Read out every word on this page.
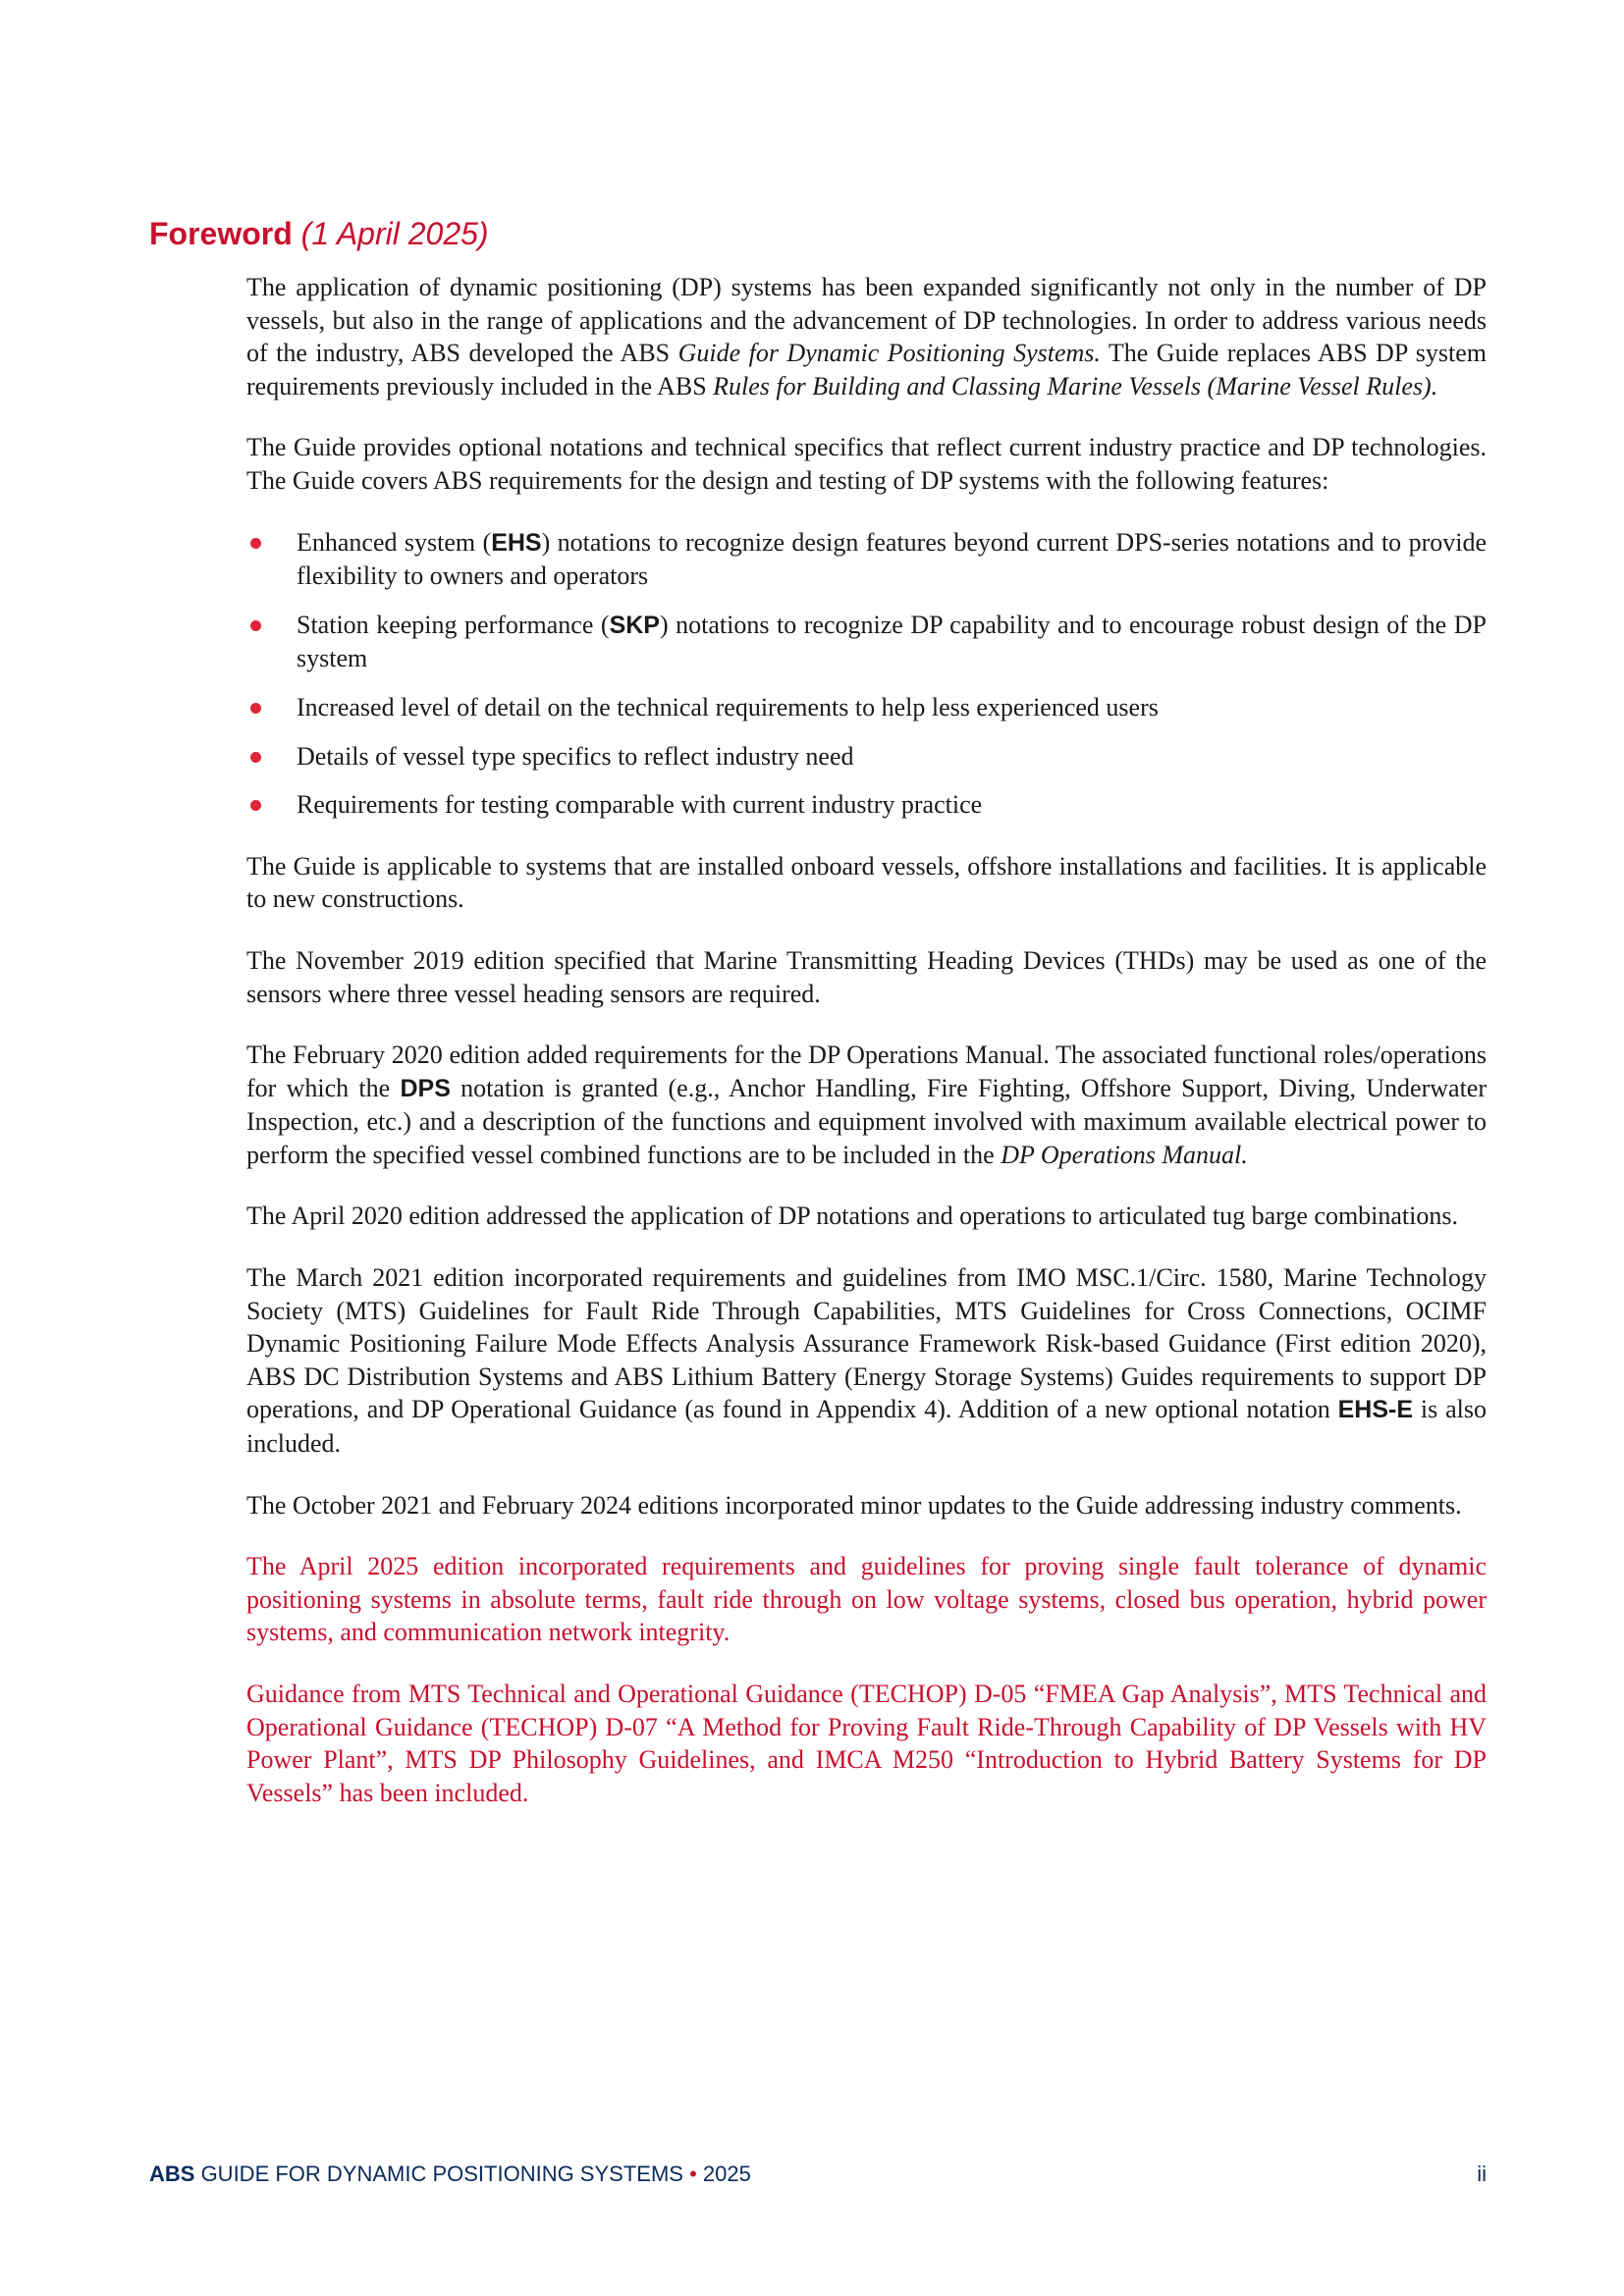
Foreword (1 April 2025)

The application of dynamic positioning (DP) systems has been expanded significantly not only in the number of DP vessels, but also in the range of applications and the advancement of DP technologies. In order to address various needs of the industry, ABS developed the ABS Guide for Dynamic Positioning Systems. The Guide replaces ABS DP system requirements previously included in the ABS Rules for Building and Classing Marine Vessels (Marine Vessel Rules).

The Guide provides optional notations and technical specifics that reflect current industry practice and DP technologies. The Guide covers ABS requirements for the design and testing of DP systems with the following features:

Enhanced system (EHS) notations to recognize design features beyond current DPS-series notations and to provide flexibility to owners and operators
Station keeping performance (SKP) notations to recognize DP capability and to encourage robust design of the DP system
Increased level of detail on the technical requirements to help less experienced users
Details of vessel type specifics to reflect industry need
Requirements for testing comparable with current industry practice

The Guide is applicable to systems that are installed onboard vessels, offshore installations and facilities. It is applicable to new constructions.

The November 2019 edition specified that Marine Transmitting Heading Devices (THDs) may be used as one of the sensors where three vessel heading sensors are required.

The February 2020 edition added requirements for the DP Operations Manual. The associated functional roles/operations for which the DPS notation is granted (e.g., Anchor Handling, Fire Fighting, Offshore Support, Diving, Underwater Inspection, etc.) and a description of the functions and equipment involved with maximum available electrical power to perform the specified vessel combined functions are to be included in the DP Operations Manual.

The April 2020 edition addressed the application of DP notations and operations to articulated tug barge combinations.

The March 2021 edition incorporated requirements and guidelines from IMO MSC.1/Circ. 1580, Marine Technology Society (MTS) Guidelines for Fault Ride Through Capabilities, MTS Guidelines for Cross Connections, OCIMF Dynamic Positioning Failure Mode Effects Analysis Assurance Framework Risk-based Guidance (First edition 2020), ABS DC Distribution Systems and ABS Lithium Battery (Energy Storage Systems) Guides requirements to support DP operations, and DP Operational Guidance (as found in Appendix 4). Addition of a new optional notation EHS-E is also included.

The October 2021 and February 2024 editions incorporated minor updates to the Guide addressing industry comments.

The April 2025 edition incorporated requirements and guidelines for proving single fault tolerance of dynamic positioning systems in absolute terms, fault ride through on low voltage systems, closed bus operation, hybrid power systems, and communication network integrity.

Guidance from MTS Technical and Operational Guidance (TECHOP) D-05 “FMEA Gap Analysis”, MTS Technical and Operational Guidance (TECHOP) D-07 “A Method for Proving Fault Ride-Through Capability of DP Vessels with HV Power Plant”, MTS DP Philosophy Guidelines, and IMCA M250 “Introduction to Hybrid Battery Systems for DP Vessels” has been included.

ABS GUIDE FOR DYNAMIC POSITIONING SYSTEMS • 2025	ii
